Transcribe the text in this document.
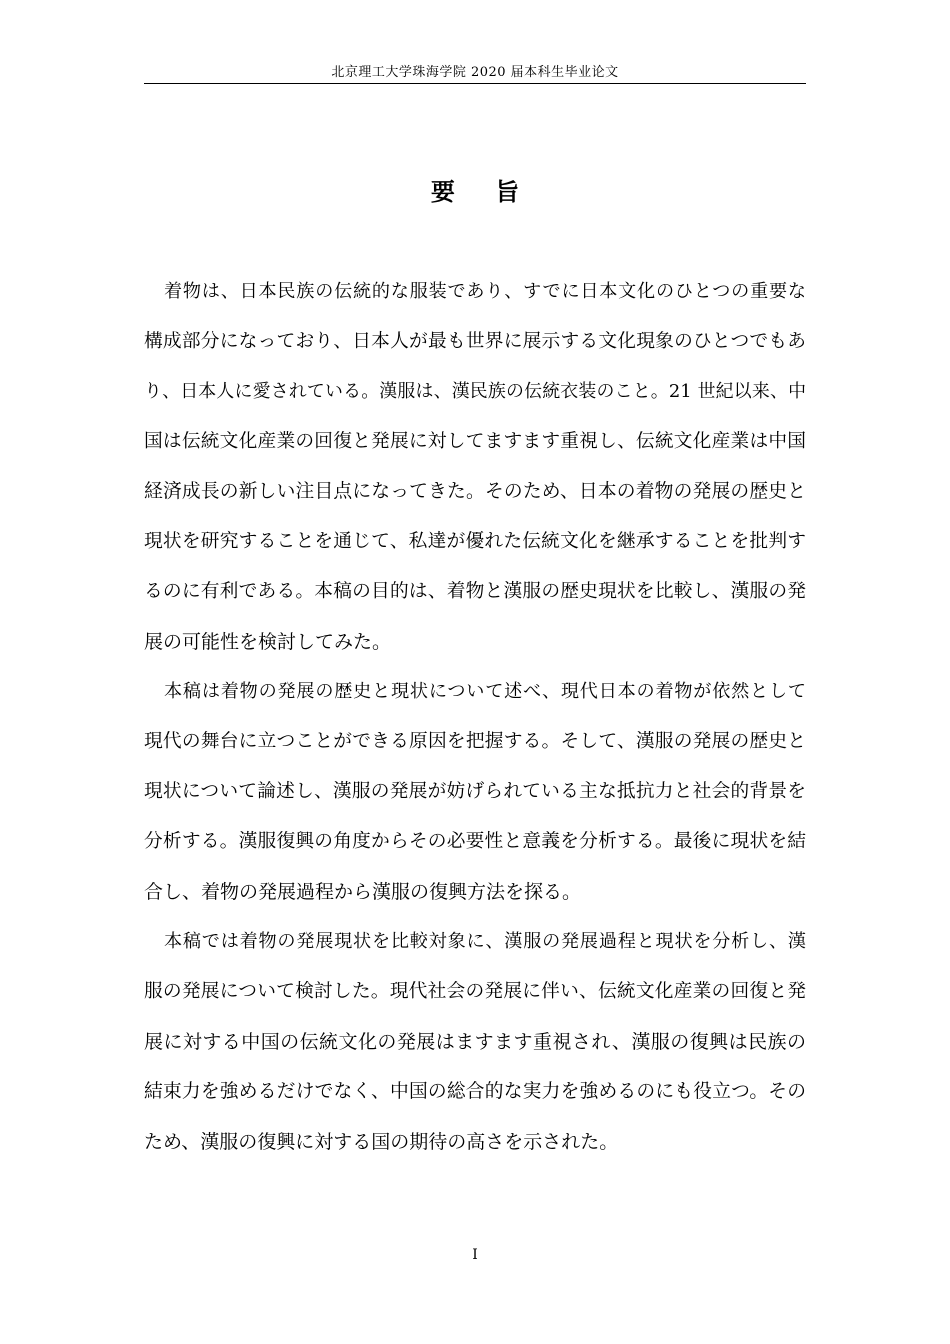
北京理工大学珠海学院 2020 届本科生毕业论文
要 旨
着物は、日本民族の伝統的な服装であり、すでに日本文化のひとつの重要な
構成部分になっており、日本人が最も世界に展示する文化現象のひとつでもあ
り、日本人に愛されている。漢服は、漢民族の伝統衣装のこと。21 世紀以来、中
国は伝統文化産業の回復と発展に対してますます重視し、伝統文化産業は中国
経済成長の新しい注目点になってきた。そのため、日本の着物の発展の歴史と
現状を研究することを通じて、私達が優れた伝統文化を継承することを批判す
るのに有利である。本稿の目的は、着物と漢服の歴史現状を比較し、漢服の発
展の可能性を検討してみた。
本稿は着物の発展の歴史と現状について述べ、現代日本の着物が依然として
現代の舞台に立つことができる原因を把握する。そして、漢服の発展の歴史と
現状について論述し、漢服の発展が妨げられている主な抵抗力と社会的背景を
分析する。漢服復興の角度からその必要性と意義を分析する。最後に現状を結
合し、着物の発展過程から漢服の復興方法を探る。
本稿では着物の発展現状を比較対象に、漢服の発展過程と現状を分析し、漢
服の発展について検討した。現代社会の発展に伴い、伝統文化産業の回復と発
展に対する中国の伝統文化の発展はますます重視され、漢服の復興は民族の
結束力を強めるだけでなく、中国の総合的な実力を強めるのにも役立つ。その
ため、漢服の復興に対する国の期待の高さを示された。
I
